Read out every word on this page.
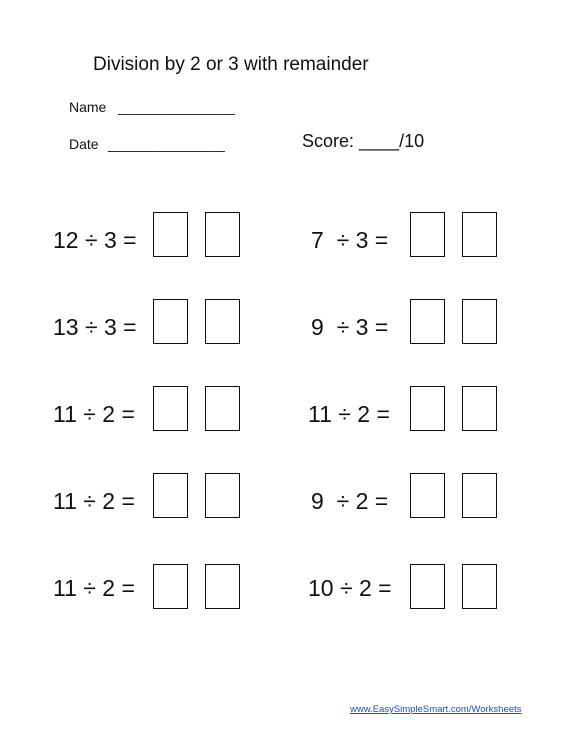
Division by 2 or 3 with remainder
Name _______________
Date _______________	Score: ____/10
12 ÷ 3 =
13 ÷ 3 =
11 ÷ 2 =
11 ÷ 2 =
11 ÷ 2 =
7  ÷ 3 =
9  ÷ 3 =
11 ÷ 2 =
9  ÷ 2 =
10 ÷ 2 =
www.EasySimpleSmart.com/Worksheets
